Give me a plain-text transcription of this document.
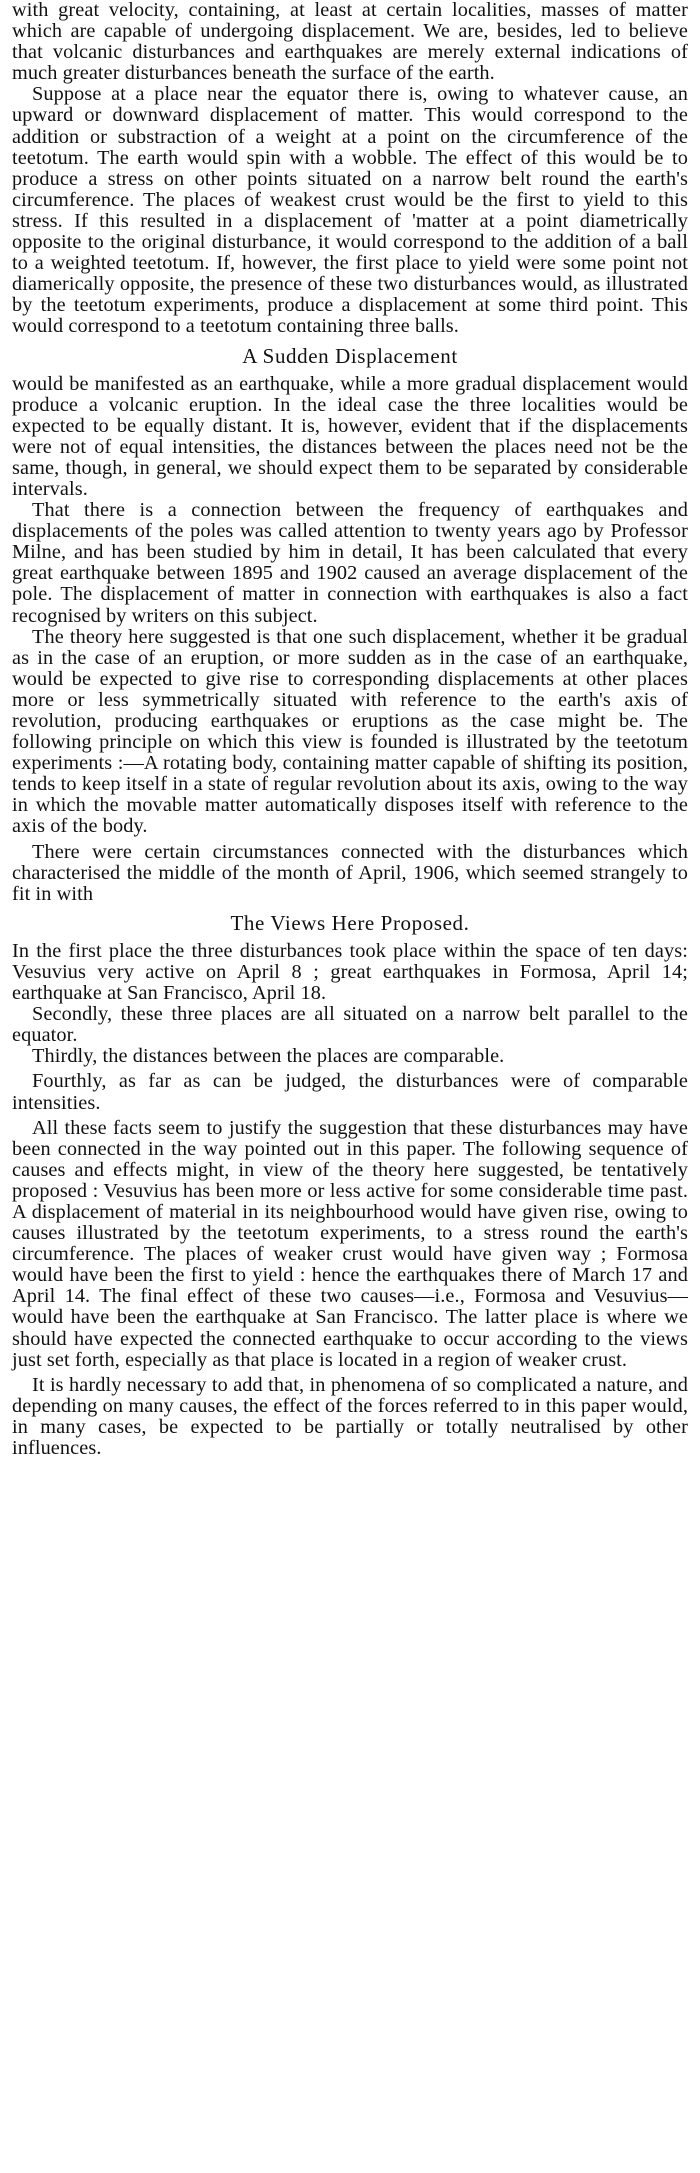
with great velocity, containing, at least at certain localities, masses of matter which are capable of undergoing displacement. We are, besides, led to believe that volcanic disturbances and earthquakes are merely external indications of much greater disturbances beneath the surface of the earth.

Suppose at a place near the equator there is, owing to whatever cause, an upward or downward displacement of matter. This would correspond to the addition or substraction of a weight at a point on the circumference of the teetotum. The earth would spin with a wobble. The effect of this would be to produce a stress on other points situated on a narrow belt round the earth's circumference. The places of weakest crust would be the first to yield to this stress. If this resulted in a displacement of 'matter at a point diametrically opposite to the original disturbance, it would correspond to the addition of a ball to a weighted teetotum. If, however, the first place to yield were some point not diamerically opposite, the presence of these two disturbances would, as illustrated by the teetotum experiments, produce a displacement at some third point. This would correspond to a teetotum containing three balls.

A Sudden Displacement

would be manifested as an earthquake, while a more gradual displacement would produce a volcanic eruption. In the ideal case the three localities would be expected to be equally distant. It is, however, evident that if the displacements were not of equal intensities, the distances between the places need not be the same, though, in general, we should expect them to be separated by considerable intervals.

That there is a connection between the frequency of earthquakes and displacements of the poles was called attention to twenty years ago by Professor Milne, and has been studied by him in detail, It has been calculated that every great earthquake between 1895 and 1902 caused an average displacement of the pole. The displacement of matter in connection with earthquakes is also a fact recognised by writers on this subject.

The theory here suggested is that one such displacement, whether it be gradual as in the case of an eruption, or more sudden as in the case of an earthquake, would be expected to give rise to corresponding displacements at other places more or less symmetrically situated with reference to the earth's axis of revolution, producing earthquakes or eruptions as the case might be. The following principle on which this view is founded is illustrated by the teetotum experiments :—A rotating body, containing matter capable of shifting its position, tends to keep itself in a state of regular revolution about its axis, owing to the way in which the movable matter automatically disposes itself with reference to the axis of the body.

There were certain circumstances connected with the disturbances which characterised the middle of the month of April, 1906, which seemed strangely to fit in with

The Views Here Proposed.

In the first place the three disturbances took place within the space of ten days: Vesuvius very active on April 8 ; great earthquakes in Formosa, April 14; earthquake at San Francisco, April 18.

Secondly, these three places are all situated on a narrow belt parallel to the equator.

Thirdly, the distances between the places are comparable.

Fourthly, as far as can be judged, the disturbances were of comparable intensities.

All these facts seem to justify the suggestion that these disturbances may have been connected in the way pointed out in this paper. The following sequence of causes and effects might, in view of the theory here suggested, be tentatively proposed : Vesuvius has been more or less active for some considerable time past. A displacement of material in its neighbourhood would have given rise, owing to causes illustrated by the teetotum experiments, to a stress round the earth's circumference. The places of weaker crust would have given way ; Formosa would have been the first to yield : hence the earthquakes there of March 17 and April 14. The final effect of these two causes—i.e., Formosa and Vesuvius—would have been the earthquake at San Francisco. The latter place is where we should have expected the connected earthquake to occur according to the views just set forth, especially as that place is located in a region of weaker crust.

It is hardly necessary to add that, in phenomena of so complicated a nature, and depending on many causes, the effect of the forces referred to in this paper would, in many cases, be expected to be partially or totally neutralised by other influences.
